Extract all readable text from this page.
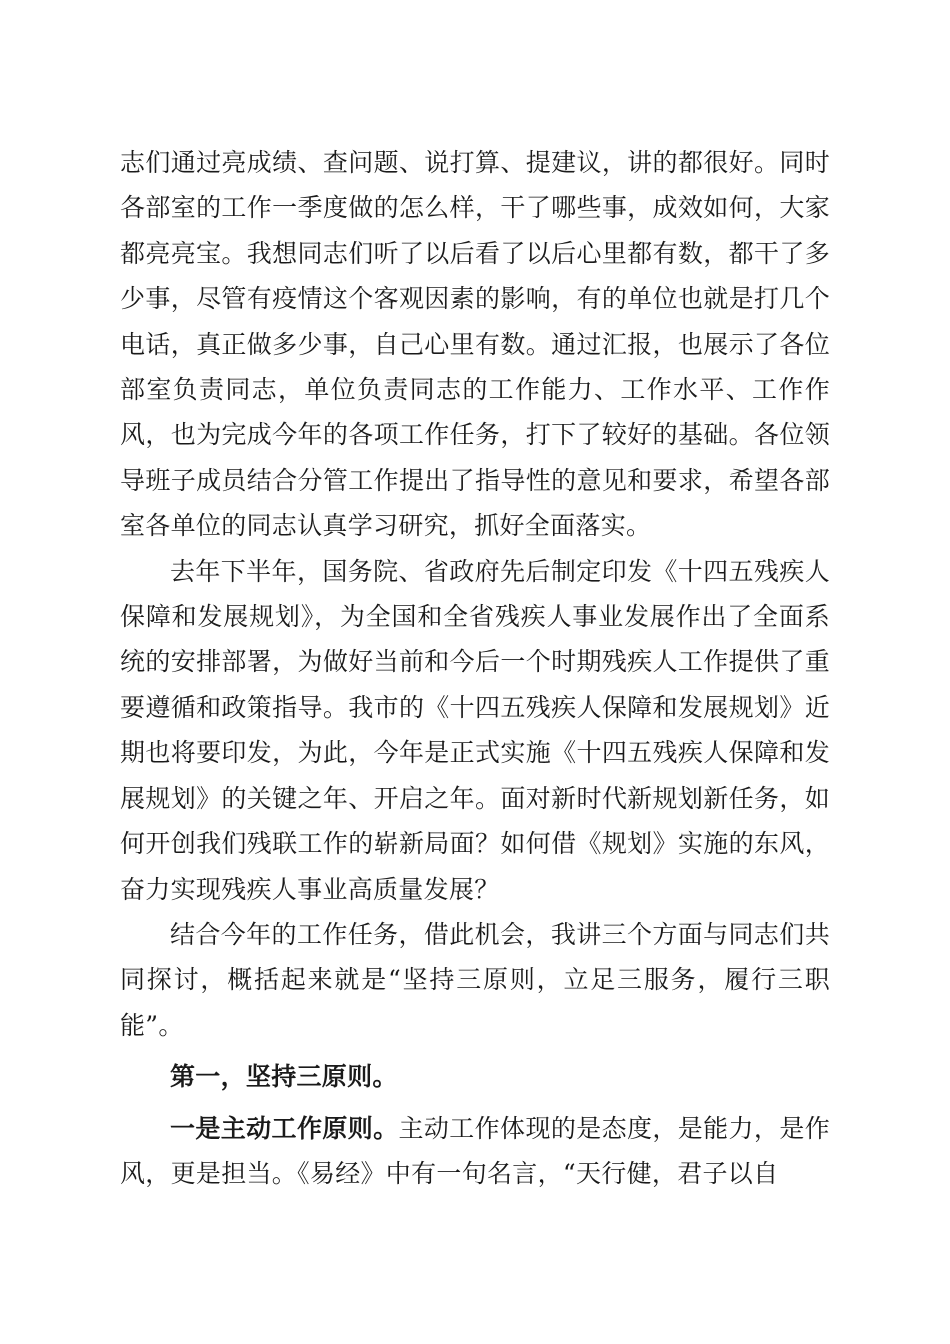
志们通过亮成绩、查问题、说打算、提建议，讲的都很好。同时各部室的工作一季度做的怎么样，干了哪些事，成效如何，大家都亮亮宝。我想同志们听了以后看了以后心里都有数，都干了多少事，尽管有疫情这个客观因素的影响，有的单位也就是打几个电话，真正做多少事，自己心里有数。通过汇报，也展示了各位部室负责同志，单位负责同志的工作能力、工作水平、工作作风，也为完成今年的各项工作任务，打下了较好的基础。各位领导班子成员结合分管工作提出了指导性的意见和要求，希望各部室各单位的同志认真学习研究，抓好全面落实。

去年下半年，国务院、省政府先后制定印发《十四五残疾人保障和发展规划》，为全国和全省残疾人事业发展作出了全面系统的安排部署，为做好当前和今后一个时期残疾人工作提供了重要遵循和政策指导。我市的《十四五残疾人保障和发展规划》近期也将要印发，为此，今年是正式实施《十四五残疾人保障和发展规划》的关键之年、开启之年。面对新时代新规划新任务，如何开创我们残联工作的崭新局面？如何借《规划》实施的东风，奋力实现残疾人事业高质量发展？

结合今年的工作任务，借此机会，我讲三个方面与同志们共同探讨，概括起来就是“坚持三原则，立足三服务，履行三职能”。

第一，坚持三原则。

一是主动工作原则。主动工作体现的是态度，是能力，是作风，更是担当。《易经》中有一句名言，“天行健，君子以自
